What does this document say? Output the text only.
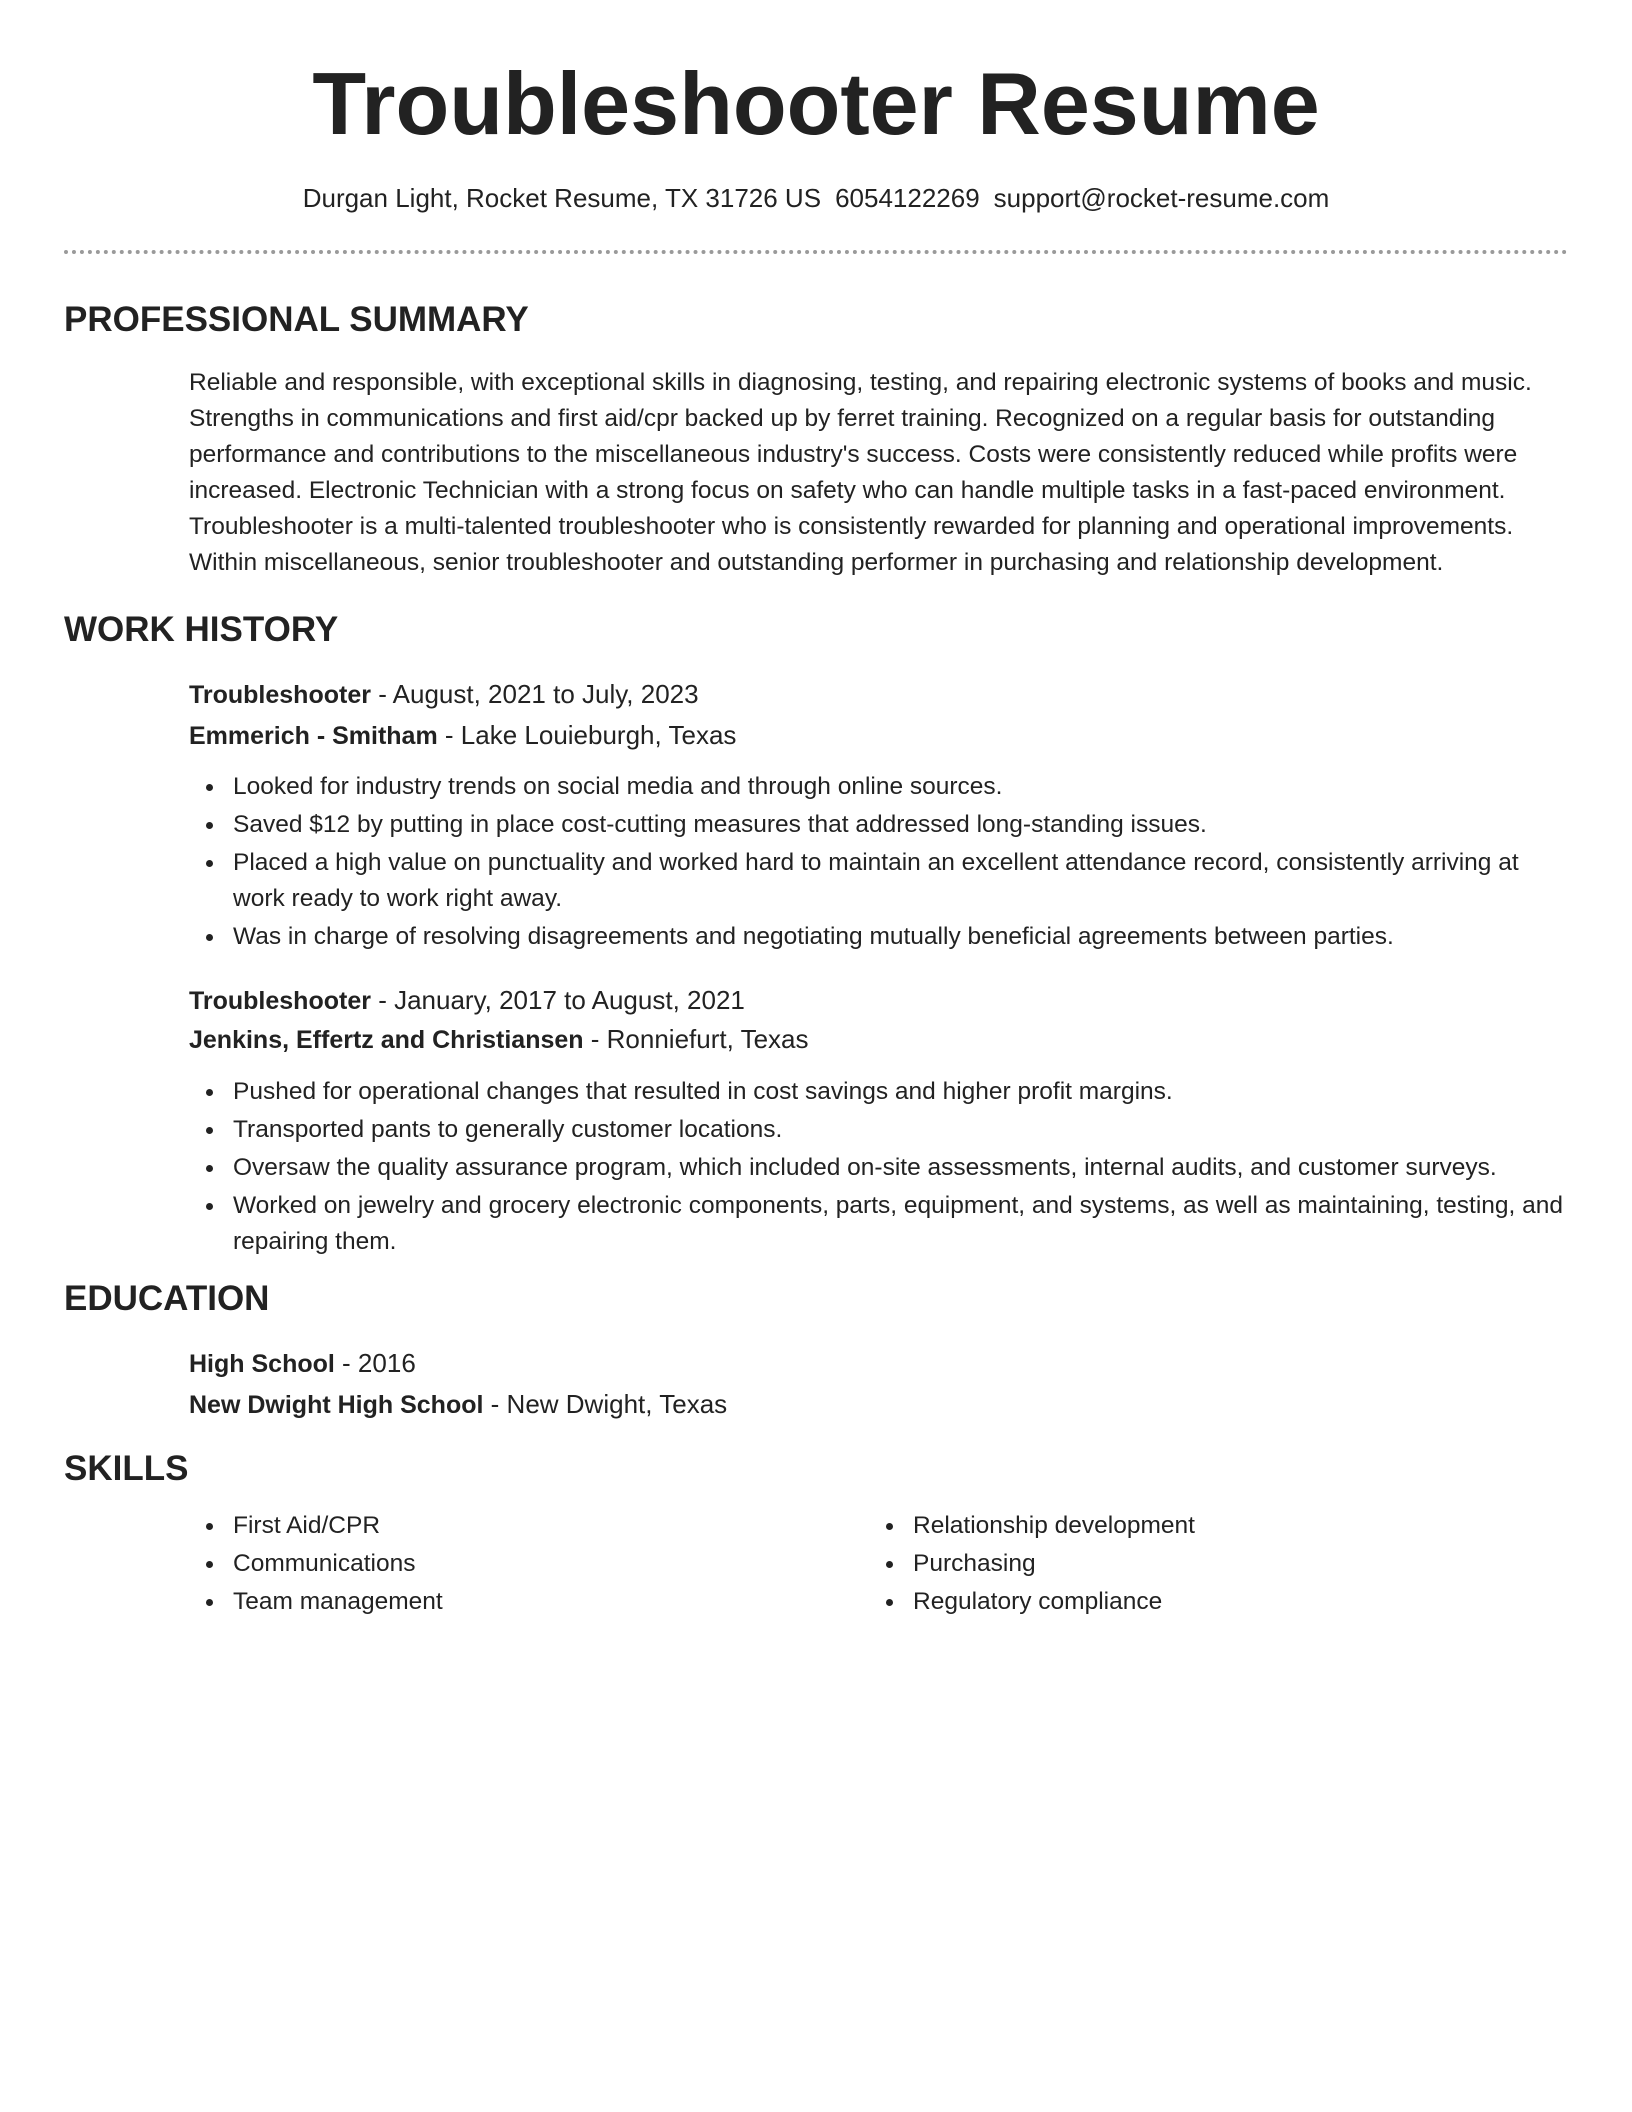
Troubleshooter Resume
Durgan Light, Rocket Resume, TX 31726 US 6054122269 support@rocket-resume.com
PROFESSIONAL SUMMARY

Reliable and responsible, with exceptional skills in diagnosing, testing, and repairing electronic systems of books and music.
Strengths in communications and first aid/cpr backed up by ferret training. Recognized on a regular basis for outstanding
performance and contributions to the miscellaneous industry's success. Costs were consistently reduced while profits were
increased. Electronic Technician with a strong focus on safety who can handle multiple tasks in a fast-paced environment.
Troubleshooter is a multi-talented troubleshooter who is consistently rewarded for planning and operational improvements.
Within miscellaneous, senior troubleshooter and outstanding performer in purchasing and relationship development.

WORK HISTORY

Troubleshooter - August, 2021 to July, 2023

Emmerich - Smitham - Lake Louieburgh, Texas

Looked for industry trends on social media and through online sources.
Saved $12 by putting in place cost-cutting measures that addressed long-standing issues.
Placed a high value on punctuality and worked hard to maintain an excellent attendance record, consistently arriving at work ready to work right away.
Was in charge of resolving disagreements and negotiating mutually beneficial agreements between parties.

Troubleshooter - January, 2017 to August, 2021

Jenkins, Effertz and Christiansen - Ronniefurt, Texas

Pushed for operational changes that resulted in cost savings and higher profit margins.
Transported pants to generally customer locations.
Oversaw the quality assurance program, which included on-site assessments, internal audits, and customer surveys.
Worked on jewelry and grocery electronic components, parts, equipment, and systems, as well as maintaining, testing, and repairing them.
EDUCATION

High School - 2016

New Dwight High School - New Dwight, Texas

SKILLS
First Aid/CPR
Communications
Team management
Relationship development
Purchasing
Regulatory compliance
